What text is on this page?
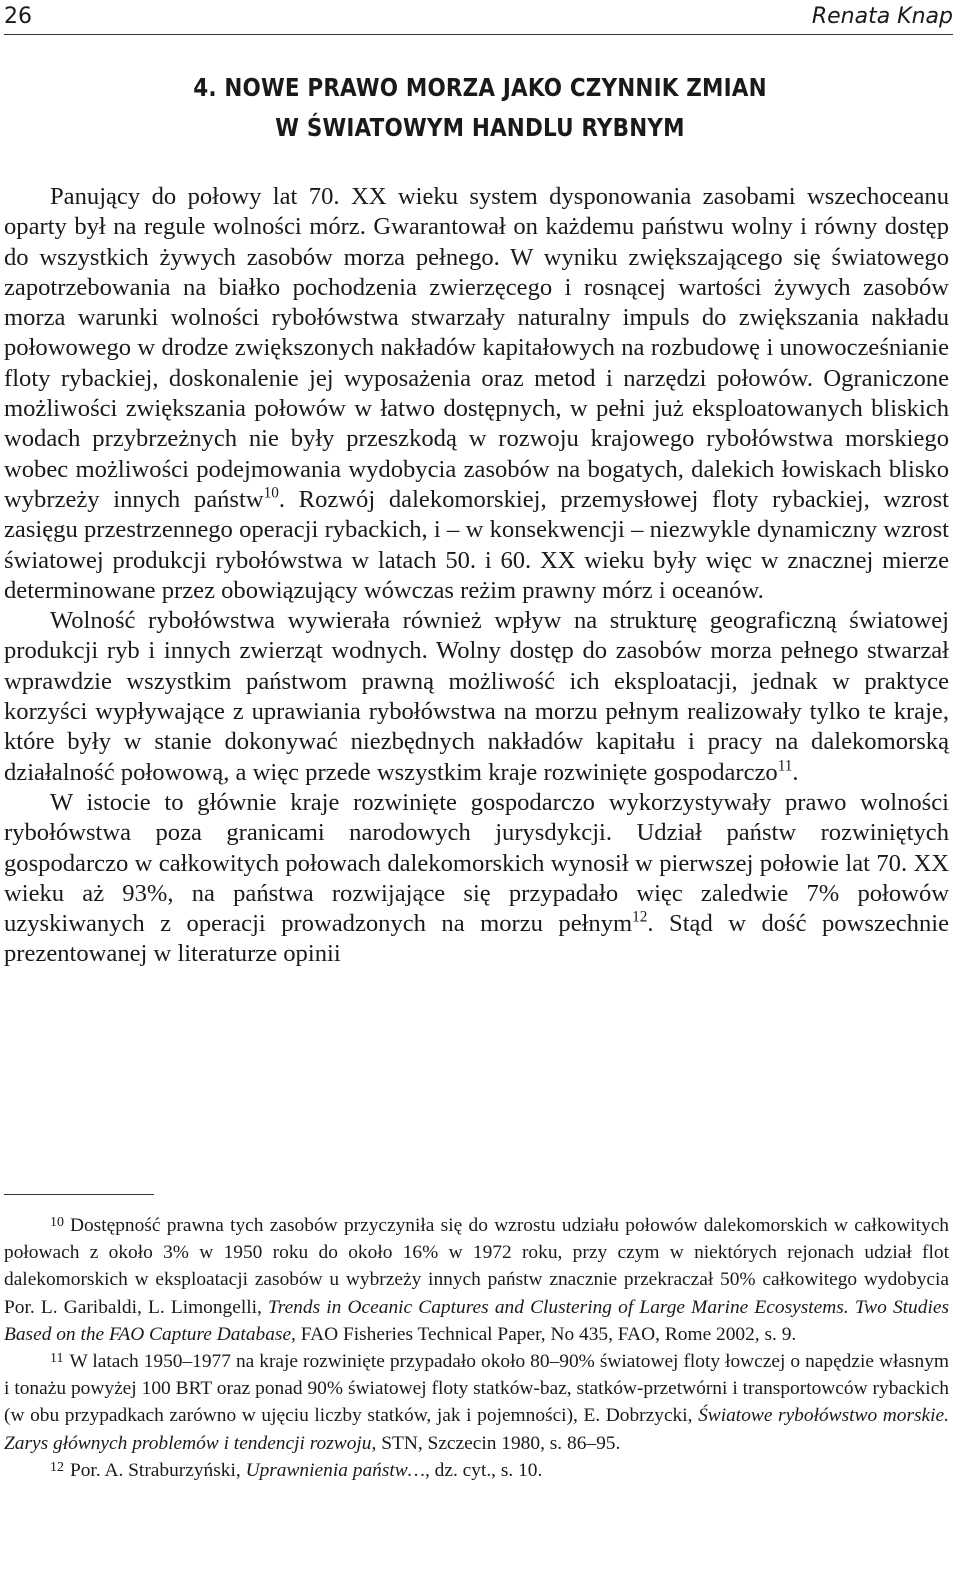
26	Renata Knap
4. NOWE PRAWO MORZA JAKO CZYNNIK ZMIAN
W ŚWIATOWYM HANDLU RYBNYM

Panujący do połowy lat 70. XX wieku system dysponowania zasobami wszechoceanu oparty był na regule wolności mórz. Gwarantował on każdemu państwu wolny i równy dostęp do wszystkich żywych zasobów morza pełnego. W wyniku zwiększającego się światowego zapotrzebowania na białko pochodzenia zwierzęcego i rosnącej wartości żywych zasobów morza warunki wolności rybołówstwa stwarzały naturalny impuls do zwiększania nakładu połowowego w drodze zwiększonych nakładów kapitałowych na rozbudowę i unowocześnianie floty rybackiej, doskonalenie jej wyposażenia oraz metod i narzędzi połowów. Ograniczone możliwości zwiększania połowów w łatwo dostępnych, w pełni już eksploatowanych bliskich wodach przybrzeżnych nie były przeszkodą w rozwoju krajowego rybołówstwa morskiego wobec możliwości podejmowania wydobycia zasobów na bogatych, dalekich łowiskach blisko wybrzeży innych państw$^{10}$. Rozwój dalekomorskiej, przemysłowej floty rybackiej, wzrost zasięgu przestrzennego operacji rybackich, i – w konsekwencji – niezwykle dynamiczny wzrost światowej produkcji rybołówstwa w latach 50. i 60. XX wieku były więc w znacznej mierze determinowane przez obowiązujący wówczas reżim prawny mórz i oceanów.

Wolność rybołówstwa wywierała również wpływ na strukturę geograficzną światowej produkcji ryb i innych zwierząt wodnych. Wolny dostęp do zasobów morza pełnego stwarzał wprawdzie wszystkim państwom prawną możliwość ich eksploatacji, jednak w praktyce korzyści wypływające z uprawiania rybołówstwa na morzu pełnym realizowały tylko te kraje, które były w stanie dokonywać niezbędnych nakładów kapitału i pracy na dalekomorską działalność połowową, a więc przede wszystkim kraje rozwinięte gospodarczo$^{11}$.

W istocie to głównie kraje rozwinięte gospodarczo wykorzystywały prawo wolności rybołówstwa poza granicami narodowych jurysdykcji. Udział państw rozwiniętych gospodarczo w całkowitych połowach dalekomorskich wynosił w pierwszej połowie lat 70. XX wieku aż 93%, na państwa rozwijające się przypadało więc zaledwie 7% połowów uzyskiwanych z operacji prowadzonych na morzu pełnym$^{12}$. Stąd w dość powszechnie prezentowanej w literaturze opinii

$^{10}$ Dostępność prawna tych zasobów przyczyniła się do wzrostu udziału połowów dalekomorskich w całkowitych połowach z około 3% w 1950 roku do około 16% w 1972 roku, przy czym w niektórych rejonach udział flot dalekomorskich w eksploatacji zasobów u wybrzeży innych państw znacznie przekraczał 50% całkowitego wydobycia Por. L. Garibaldi, L. Limongelli, Trends in Oceanic Captures and Clustering of Large Marine Ecosystems. Two Studies Based on the FAO Capture Database, FAO Fisheries Technical Paper, No 435, FAO, Rome 2002, s. 9.

$^{11}$ W latach 1950–1977 na kraje rozwinięte przypadało około 80–90% światowej floty łowczej o napędzie własnym i tonażu powyżej 100 BRT oraz ponad 90% światowej floty statków-baz, statków-przetwórni i transportowców rybackich (w obu przypadkach zarówno w ujęciu liczby statków, jak i pojemności), E. Dobrzycki, Światowe rybołówstwo morskie. Zarys głównych problemów i tendencji rozwoju, STN, Szczecin 1980, s. 86–95.

$^{12}$ Por. A. Straburzyński, Uprawnienia państw…, dz. cyt., s. 10.
